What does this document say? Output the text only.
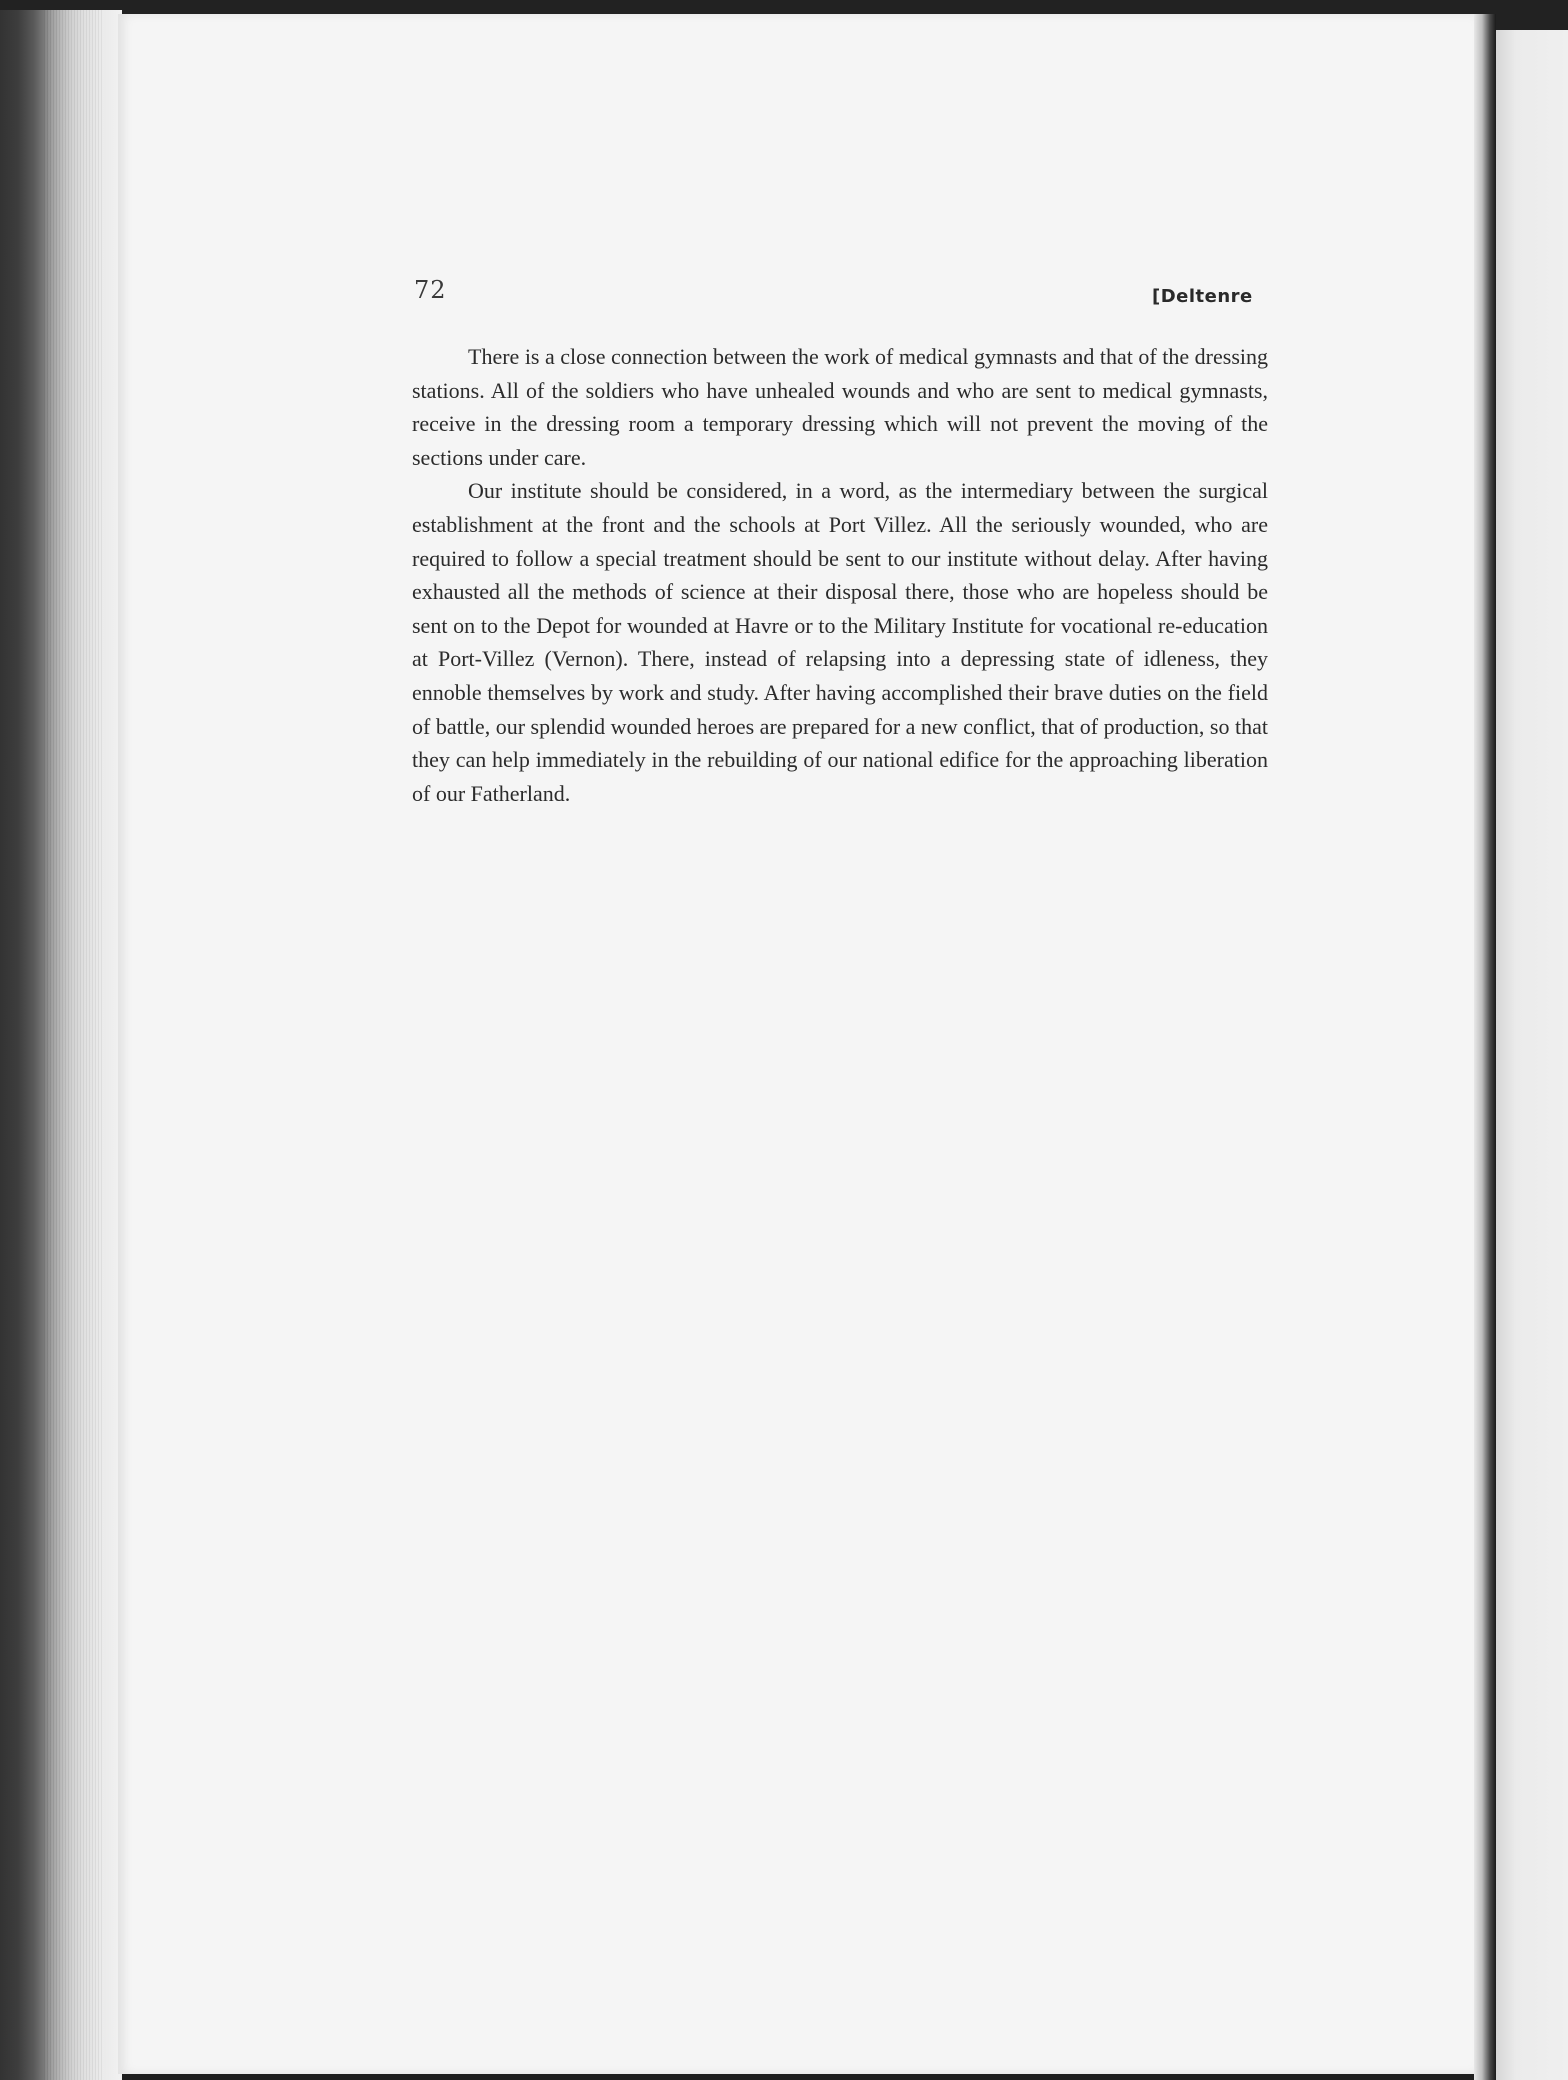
72	[Deltenre

There is a close connection between the work of medical gymnasts and that of the dressing stations. All of the soldiers who have unhealed wounds and who are sent to medical gymnasts, receive in the dressing room a temporary dressing which will not prevent the moving of the sections under care.

Our institute should be considered, in a word, as the intermediary between the surgical establishment at the front and the schools at Port Villez. All the seriously wounded, who are required to follow a special treatment should be sent to our institute without delay. After having exhausted all the methods of science at their disposal there, those who are hopeless should be sent on to the Depot for wounded at Havre or to the Military Institute for vocational re-education at Port-Villez (Vernon). There, instead of relapsing into a depressing state of idleness, they ennoble themselves by work and study. After having accomplished their brave duties on the field of battle, our splendid wounded heroes are prepared for a new conflict, that of production, so that they can help immediately in the rebuilding of our national edifice for the approaching liberation of our Fatherland.
